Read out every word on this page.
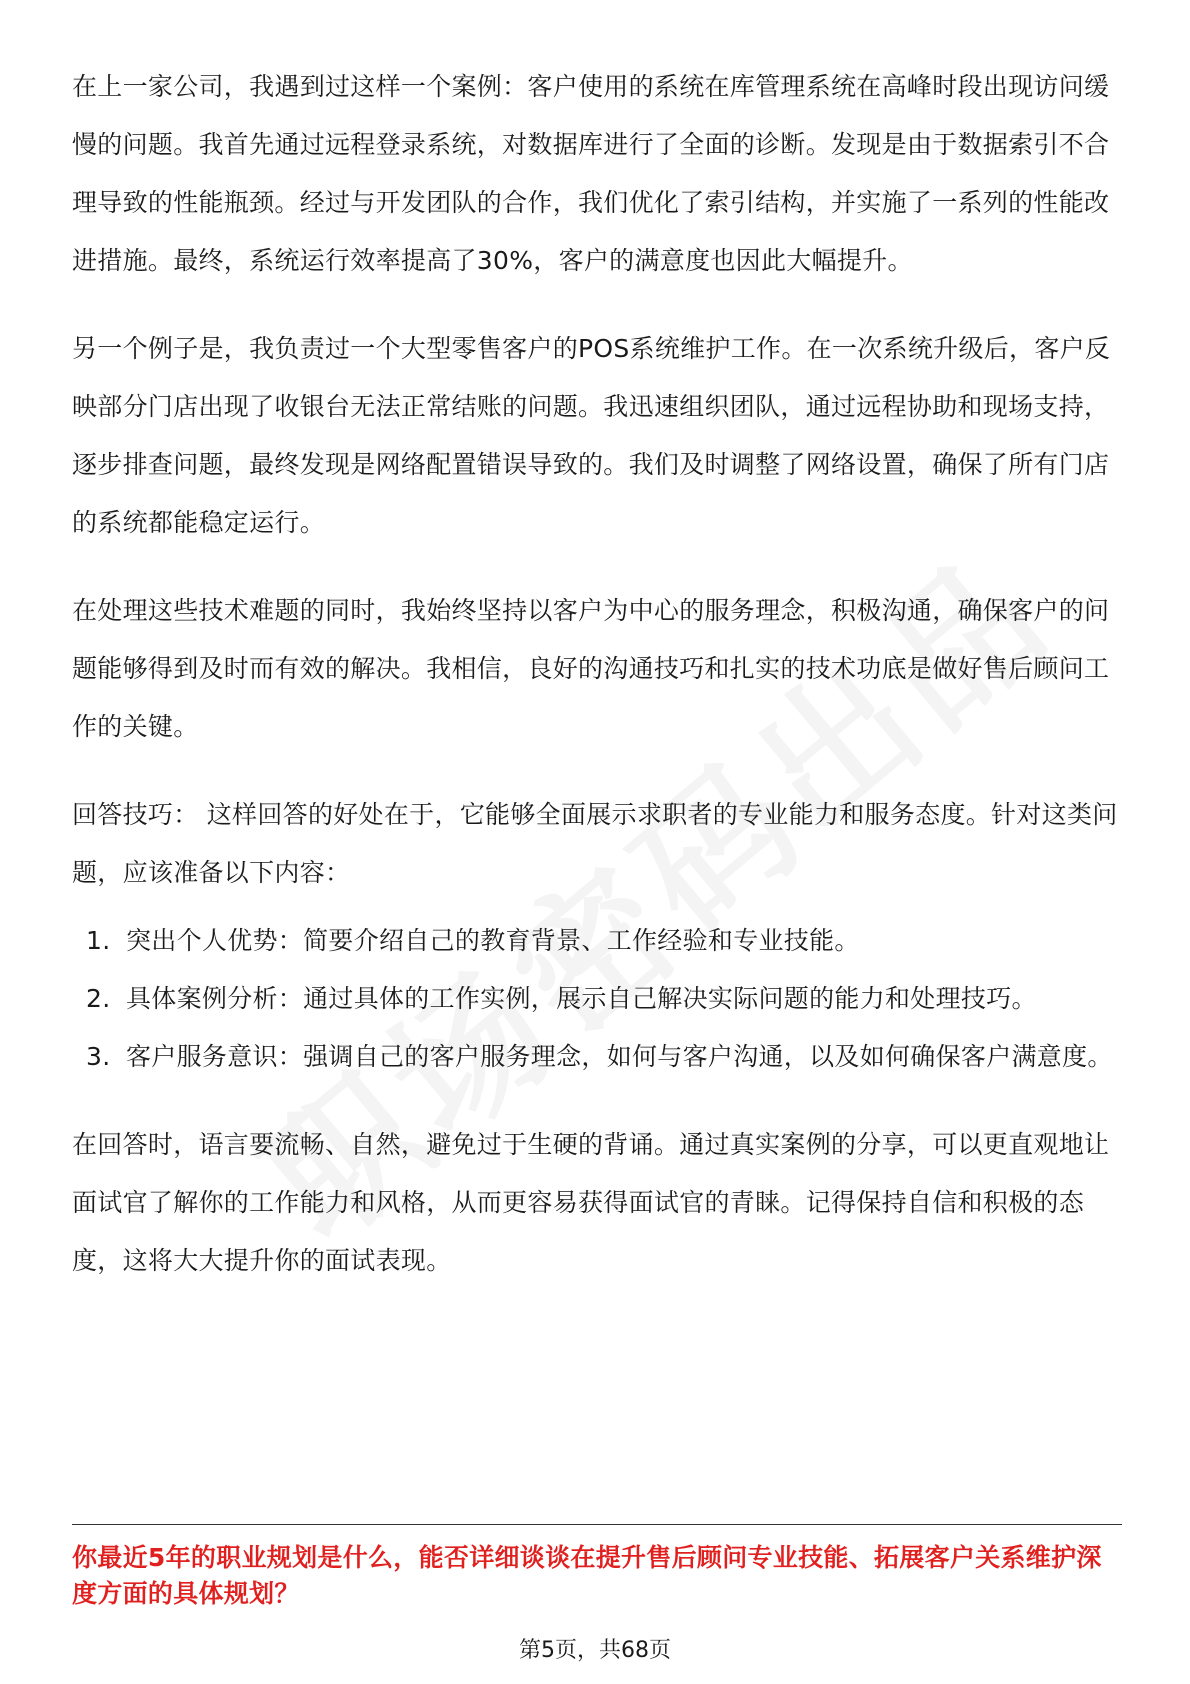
在上一家公司，我遇到过这样一个案例：客户使用的系统在库管理系统在高峰时段出现访问缓慢的问题。我首先通过远程登录系统，对数据库进行了全面的诊断。发现是由于数据索引不合理导致的性能瓶颈。经过与开发团队的合作，我们优化了索引结构，并实施了一系列的性能改进措施。最终，系统运行效率提高了30%，客户的满意度也因此大幅提升。

另一个例子是，我负责过一个大型零售客户的POS系统维护工作。在一次系统升级后，客户反映部分门店出现了收银台无法正常结账的问题。我迅速组织团队，通过远程协助和现场支持，逐步排查问题，最终发现是网络配置错误导致的。我们及时调整了网络设置，确保了所有门店的系统都能稳定运行。

在处理这些技术难题的同时，我始终坚持以客户为中心的服务理念，积极沟通，确保客户的问题能够得到及时而有效的解决。我相信，良好的沟通技巧和扎实的技术功底是做好售后顾问工作的关键。

回答技巧： 这样回答的好处在于，它能够全面展示求职者的专业能力和服务态度。针对这类问题，应该准备以下内容：

1. 突出个人优势：简要介绍自己的教育背景、工作经验和专业技能。
2. 具体案例分析：通过具体的工作实例，展示自己解决实际问题的能力和处理技巧。
3. 客户服务意识：强调自己的客户服务理念，如何与客户沟通，以及如何确保客户满意度。

在回答时，语言要流畅、自然，避免过于生硬的背诵。通过真实案例的分享，可以更直观地让面试官了解你的工作能力和风格，从而更容易获得面试官的青睐。记得保持自信和积极的态度，这将大大提升你的面试表现。

你最近5年的职业规划是什么，能否详细谈谈在提升售后顾问专业技能、拓展客户关系维护深度方面的具体规划？
第5页，共68页
